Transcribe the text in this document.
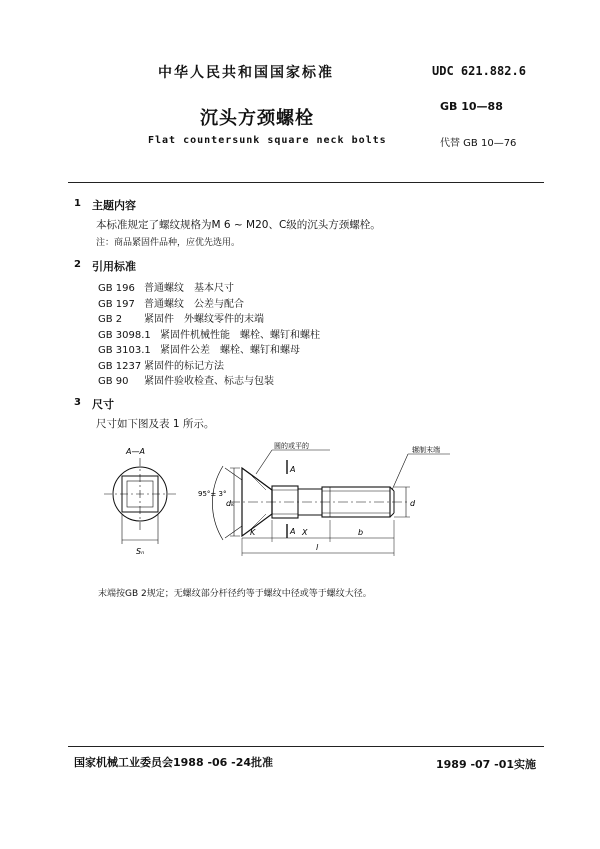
中华人民共和国国家标准	UDC 621.882.6
沉头方颈螺栓
GB 10—88
Flat countersunk square neck bolts	代替 GB 10—76
1 主题内容
本标准规定了螺纹规格为M 6 ~ M20、C级的沉头方颈螺栓。
注：商品紧固件品种，应优先选用。
2 引用标准
GB 196 普通螺纹　基本尺寸
GB 197 普通螺纹　公差与配合
GB 2 紧固件　外螺纹零件的末端
GB 3098.1 紧固件机械性能　螺栓、螺钉和螺柱
GB 3103.1 紧固件公差　螺栓、螺钉和螺母
GB 1237 紧固件的标记方法
GB 90 紧固件验收检查、标志与包装
3 尺寸
尺寸如下图及表 1 所示。
A—A
Sₙ
圆的或平的	辗制末端
95°± 3°
dₖ	d
K	X	b
l
A
A
末端按GB 2规定；无螺纹部分杆径约等于螺纹中径或等于螺纹大径。
国家机械工业委员会1988 -06 -24批准	1989 -07 -01实施
